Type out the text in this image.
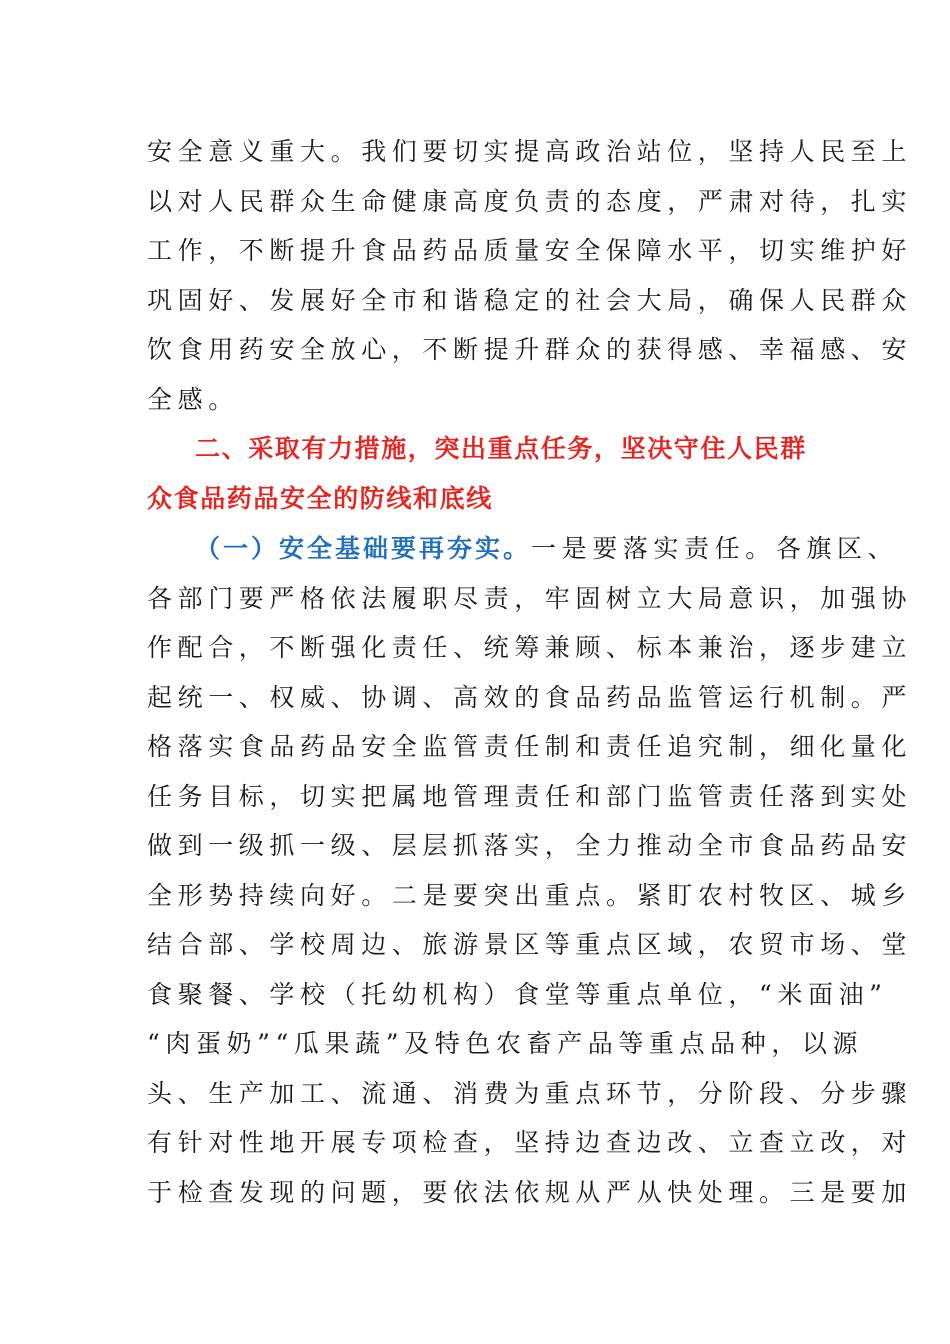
安全意义重大。我们要切实提高政治站位，坚持人民至上
以对人民群众生命健康高度负责的态度，严肃对待，扎实
工作，不断提升食品药品质量安全保障水平，切实维护好
巩固好、发展好全市和谐稳定的社会大局，确保人民群众
饮食用药安全放心，不断提升群众的获得感、幸福感、安
全感。
二、采取有力措施，突出重点任务，坚决守住人民群
众食品药品安全的防线和底线
（一）安全基础要再夯实。一是要落实责任。各旗区、
各部门要严格依法履职尽责，牢固树立大局意识，加强协
作配合，不断强化责任、统筹兼顾、标本兼治，逐步建立
起统一、权威、协调、高效的食品药品监管运行机制。严
格落实食品药品安全监管责任制和责任追究制，细化量化
任务目标，切实把属地管理责任和部门监管责任落到实处
做到一级抓一级、层层抓落实，全力推动全市食品药品安
全形势持续向好。二是要突出重点。紧盯农村牧区、城乡
结合部、学校周边、旅游景区等重点区域，农贸市场、堂
食聚餐、学校（托幼机构）食堂等重点单位，“米面油”
“肉蛋奶”“瓜果蔬”及特色农畜产品等重点品种，以源
头、生产加工、流通、消费为重点环节，分阶段、分步骤
有针对性地开展专项检查，坚持边查边改、立查立改，对
于检查发现的问题，要依法依规从严从快处理。三是要加
